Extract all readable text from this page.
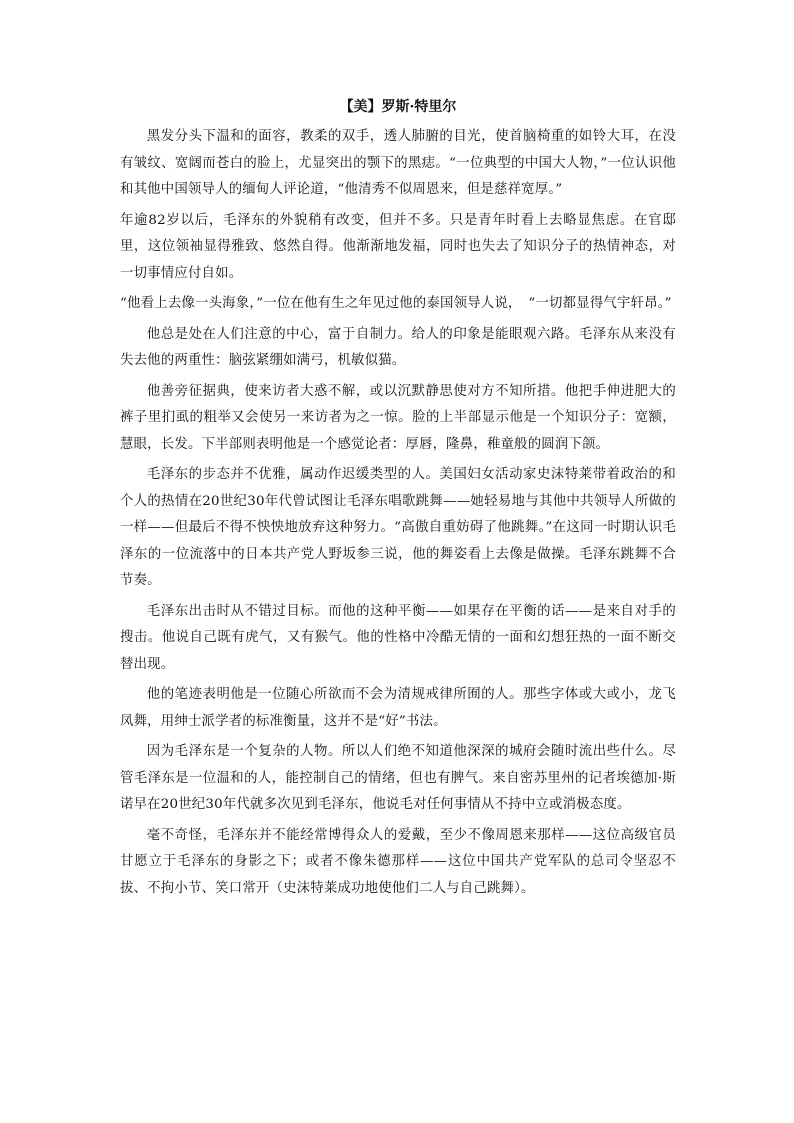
【美】罗斯·特里尔

黑发分头下温和的面容，教柔的双手，透人肺腑的目光，使首脑椅重的如铃大耳，在没有皱纹、宽阔而苍白的脸上，尤显突出的颚下的黑痣。“一位典型的中国大人物，”一位认识他和其他中国领导人的缅甸人评论道，“他清秀不似周恩来，但是慈祥宽厚。”

年逾82岁以后，毛泽东的外貌稍有改变，但并不多。只是青年时看上去略显焦虑。在官邸里，这位领袖显得雅致、悠然自得。他渐渐地发福，同时也失去了知识分子的热情神态，对一切事情应付自如。

“他看上去像一头海象，”一位在他有生之年见过他的泰国领导人说，　“一切都显得气宇轩昂。”

他总是处在人们注意的中心，富于自制力。给人的印象是能眼观六路。毛泽东从来没有失去他的两重性：脑弦紧绷如满弓，机敏似猫。

他善旁征据典，使来访者大惑不解，或以沉默静思使对方不知所措。他把手伸进肥大的裤子里扪虱的粗举又会使另一来访者为之一惊。脸的上半部显示他是一个知识分子：宽额，慧眼，长发。下半部则表明他是一个感觉论者：厚唇，隆鼻，稚童般的圆润下颌。

毛泽东的步态并不优雅，属动作迟缓类型的人。美国妇女活动家史沫特莱带着政治的和个人的热情在20世纪30年代曾试图让毛泽东唱歌跳舞——她轻易地与其他中共领导人所做的一样——但最后不得不怏怏地放弃这种努力。“高傲自重妨碍了他跳舞。”在这同一时期认识毛泽东的一位流落中的日本共产党人野坂参三说，他的舞姿看上去像是做操。毛泽东跳舞不合节奏。

毛泽东出击时从不错过目标。而他的这种平衡——如果存在平衡的话——是来自对手的搜击。他说自己既有虎气，又有猴气。他的性格中冷酷无情的一面和幻想狂热的一面不断交替出现。

他的笔迹表明他是一位随心所欲而不会为清规戒律所囿的人。那些字体或大或小，龙飞凤舞，用绅士派学者的标准衡量，这并不是“好”书法。

因为毛泽东是一个复杂的人物。所以人们绝不知道他深深的城府会随时流出些什么。尽管毛泽东是一位温和的人，能控制自己的情绪，但也有脾气。来自密苏里州的记者埃德加·斯诺早在20世纪30年代就多次见到毛泽东，他说毛对任何事情从不持中立或消极态度。

毫不奇怪，毛泽东并不能经常博得众人的爱戴，至少不像周恩来那样——这位高级官员甘愿立于毛泽东的身影之下；或者不像朱德那样——这位中国共产党军队的总司令坚忍不拔、不拘小节、笑口常开（史沫特莱成功地使他们二人与自己跳舞）。
